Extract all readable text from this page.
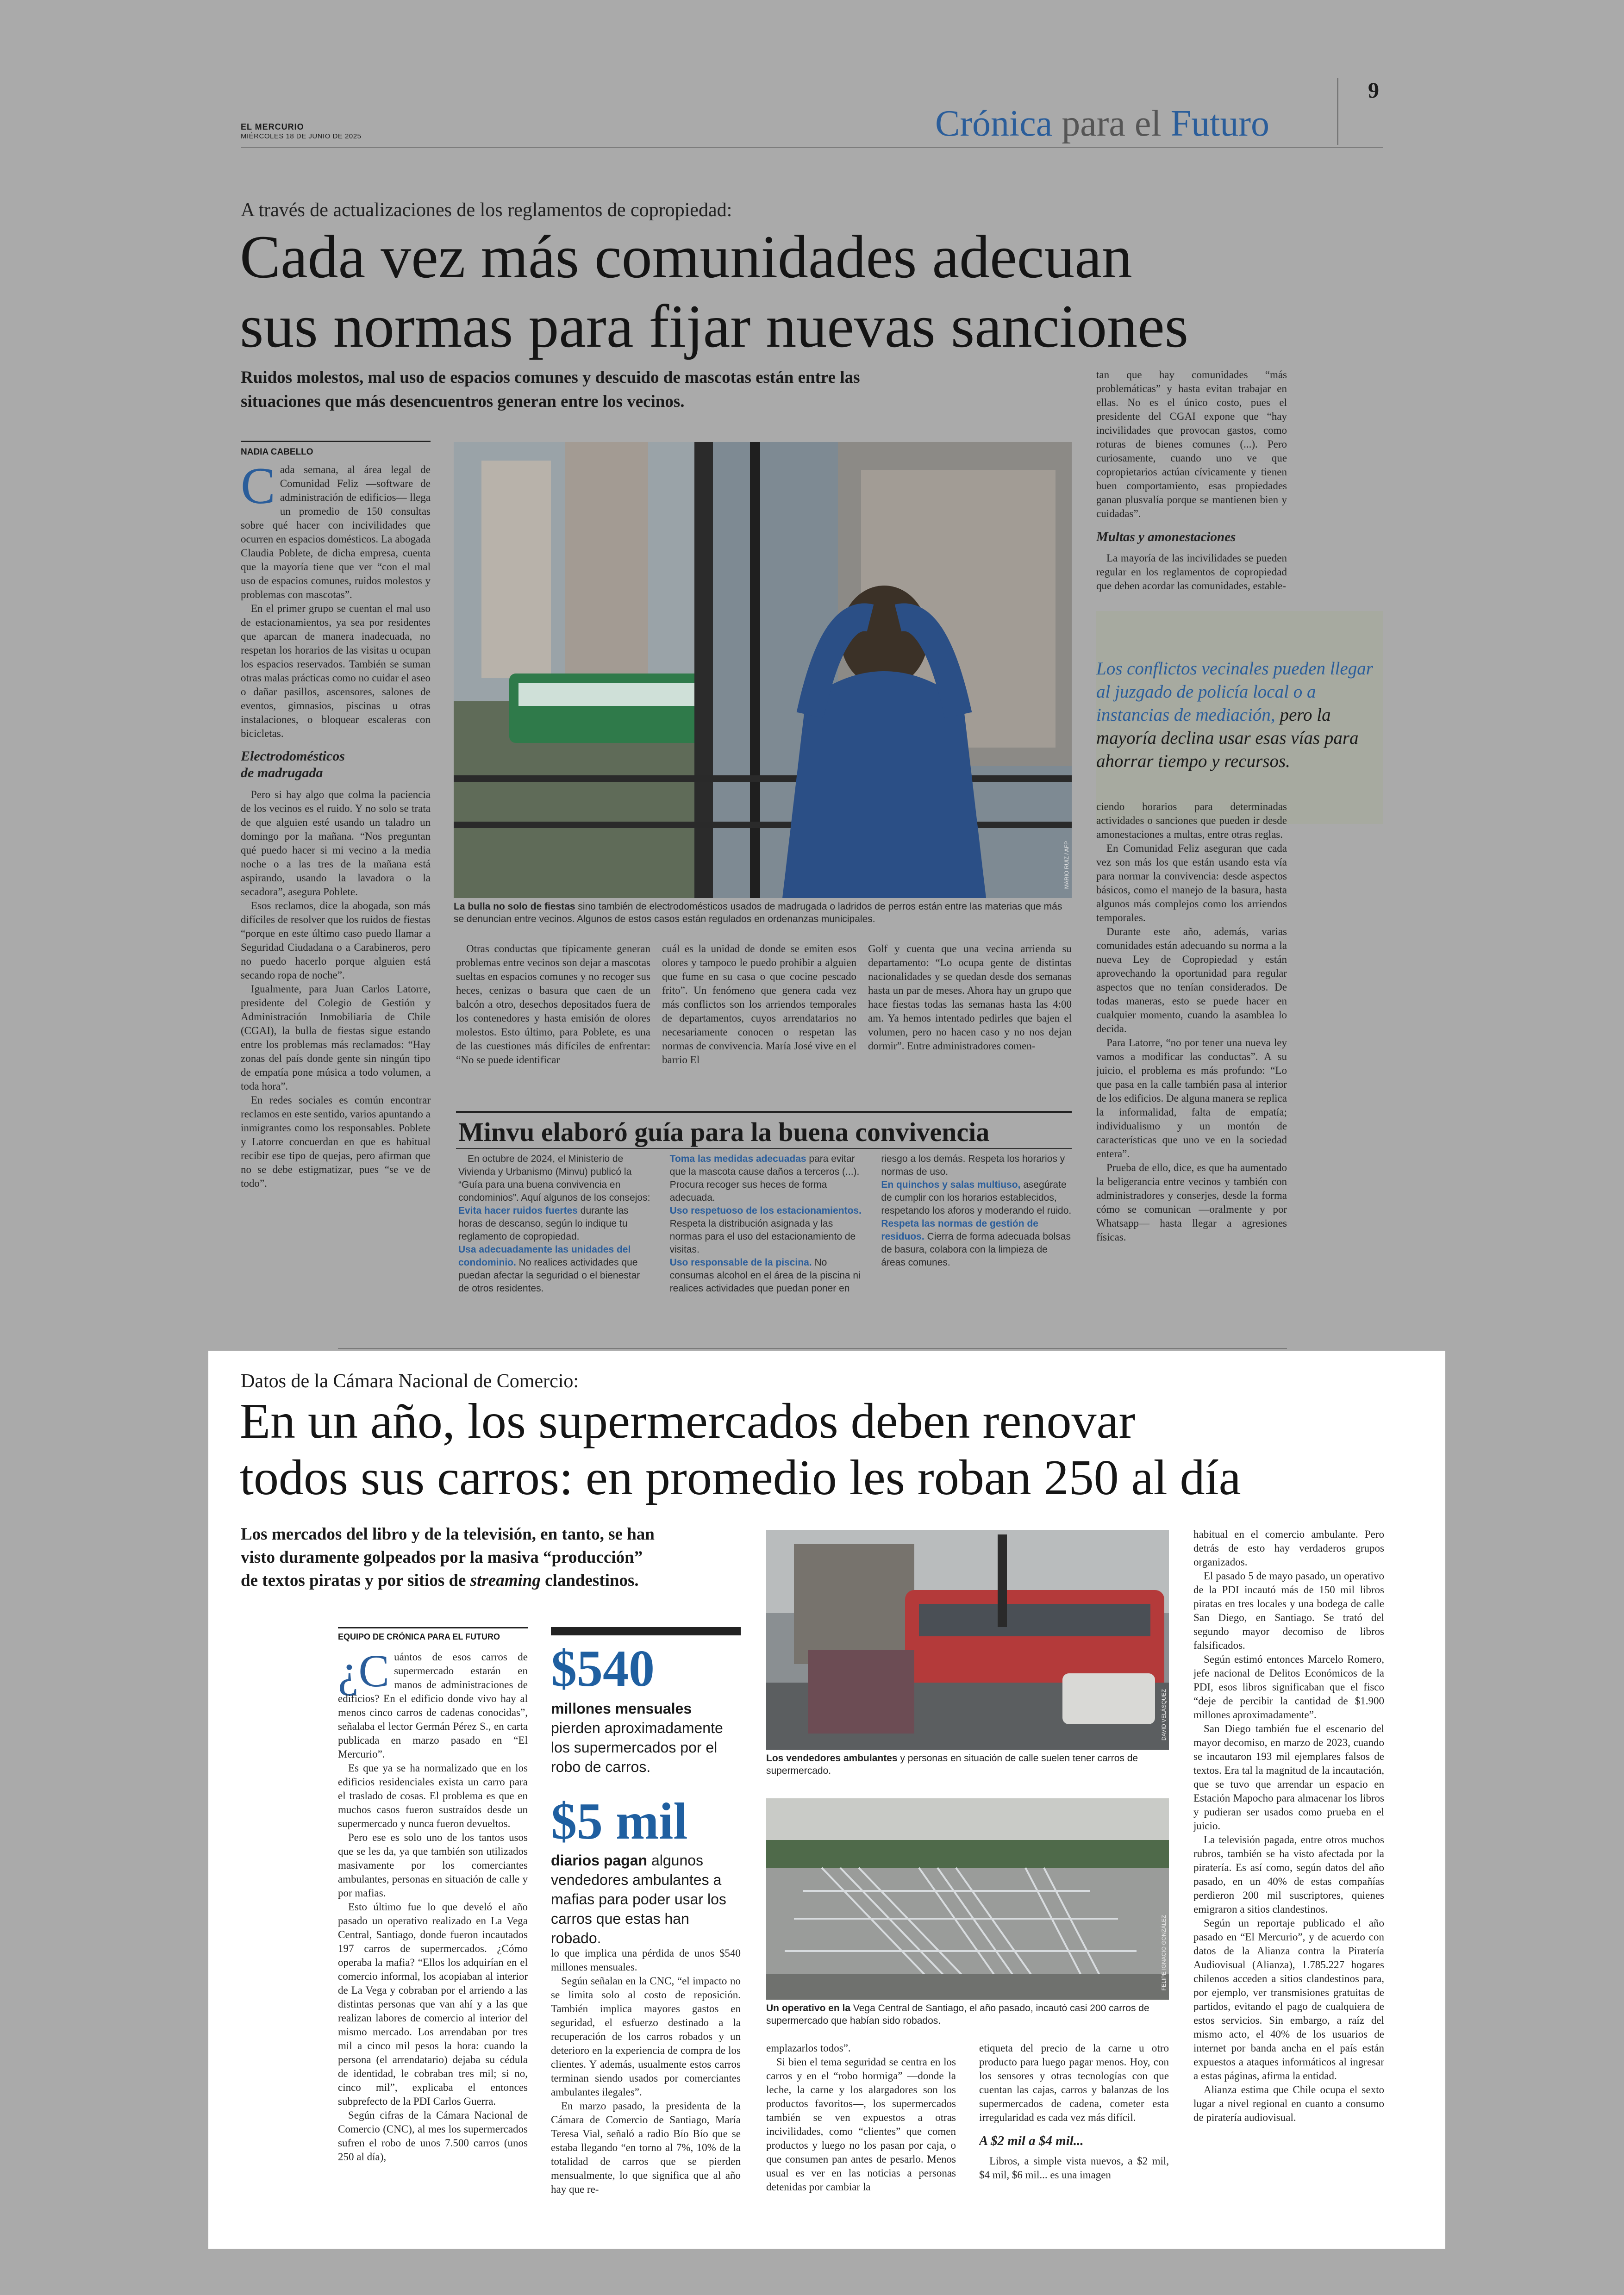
EL MERCURIO
MIÉRCOLES 18 DE JUNIO DE 2025	Crónica para el Futuro
9
A través de actualizaciones de los reglamentos de copropiedad:
Cada vez más comunidades adecuan
sus normas para fijar nuevas sanciones
Ruidos molestos, mal uso de espacios comunes y descuido de mascotas están entre las
situaciones que más desencuentros generan entre los vecinos.
NADIA CABELLO
C ada semana, al área legal de Comunidad Feliz —software de administración de edificios— llega un promedio de 150 consultas sobre qué hacer con incivilidades que ocurren en espacios domésticos. La abogada Claudia Poblete, de dicha empresa, cuenta que la mayoría tiene que ver “con el mal uso de espacios comunes, ruidos molestos y problemas con mascotas”.

En el primer grupo se cuentan el mal uso de estacionamientos, ya sea por residentes que aparcan de manera inadecuada, no respetan los horarios de las visitas u ocupan los espacios reservados. También se suman otras malas prácticas como no cuidar el aseo o dañar pasillos, ascensores, salones de eventos, gimnasios, piscinas u otras instalaciones, o bloquear escaleras con bicicletas.

Electrodomésticos
de madrugada

Pero si hay algo que colma la paciencia de los vecinos es el ruido. Y no solo se trata de que alguien esté usando un taladro un domingo por la mañana. “Nos preguntan qué puedo hacer si mi vecino a la media noche o a las tres de la mañana está aspirando, usando la lavadora o la secadora”, asegura Poblete.

Esos reclamos, dice la abogada, son más difíciles de resolver que los ruidos de fiestas “porque en este último caso puedo llamar a Seguridad Ciudadana o a Carabineros, pero no puedo hacerlo porque alguien está secando ropa de noche”.

Igualmente, para Juan Carlos Latorre, presidente del Colegio de Gestión y Administración Inmobiliaria de Chile (CGAI), la bulla de fiestas sigue estando entre los problemas más reclamados: “Hay zonas del país donde gente sin ningún tipo de empatía pone música a todo volumen, a toda hora”.

En redes sociales es común encontrar reclamos en este sentido, varios apuntando a inmigrantes como los responsables. Poblete y Latorre concuerdan en que es habitual recibir ese tipo de quejas, pero afirman que no se debe estigmatizar, pues “se ve de todo”.

MARIO RUIZ / AFP
La bulla no solo de fiestas sino también de electrodomésticos usados de madrugada o ladridos de perros están entre las materias que más se denuncian entre vecinos. Algunos de estos casos están regulados en ordenanzas municipales.

Otras conductas que típicamente generan problemas entre vecinos son dejar a mascotas sueltas en espacios comunes y no recoger sus heces, cenizas o basura que caen de un balcón a otro, desechos depositados fuera de los contenedores y hasta emisión de olores molestos. Esto último, para Poblete, es una de las cuestiones más difíciles de enfrentar: “No se puede identificar

cuál es la unidad de donde se emiten esos olores y tampoco le puedo prohibir a alguien que fume en su casa o que cocine pescado frito”. Un fenómeno que genera cada vez más conflictos son los arriendos temporales de departamentos, cuyos arrendatarios no necesariamente conocen o respetan las normas de convivencia. María José vive en el barrio El

Golf y cuenta que una vecina arrienda su departamento: “Lo ocupa gente de distintas nacionalidades y se quedan desde dos semanas hasta un par de meses. Ahora hay un grupo que hace fiestas todas las semanas hasta las 4:00 am. Ya hemos intentado pedirles que bajen el volumen, pero no hacen caso y no nos dejan dormir”. Entre administradores comen-

Minvu elaboró guía para la buena convivencia
En octubre de 2024, el Ministerio de Vivienda y Urbanismo (Minvu) publicó la “Guía para una buena convivencia en condominios”. Aquí algunos de los consejos:
Evita hacer ruidos fuertes durante las horas de descanso, según lo indique tu reglamento de copropiedad.
Usa adecuadamente las unidades del condominio. No realices actividades que puedan afectar la seguridad o el bienestar de otros residentes.
Toma las medidas adecuadas para evitar que la mascota cause daños a terceros (...). Procura recoger sus heces de forma adecuada.
Uso respetuoso de los estacionamientos. Respeta la distribución asignada y las normas para el uso del estacionamiento de visitas.
Uso responsable de la piscina. No consumas alcohol en el área de la piscina ni realices actividades que puedan poner en riesgo a los demás. Respeta los horarios y normas de uso.
En quinchos y salas multiuso, asegúrate de cumplir con los horarios establecidos, respetando los aforos y moderando el ruido.
Respeta las normas de gestión de residuos. Cierra de forma adecuada bolsas de basura, colabora con la limpieza de áreas comunes.

tan que hay comunidades “más problemáticas” y hasta evitan trabajar en ellas. No es el único costo, pues el presidente del CGAI expone que “hay incivilidades que provocan gastos, como roturas de bienes comunes (...). Pero curiosamente, cuando uno ve que copropietarios actúan cívicamente y tienen buen comportamiento, esas propiedades ganan plusvalía porque se mantienen bien y cuidadas”.

Multas y amonestaciones

La mayoría de las incivilidades se pueden regular en los reglamentos de copropiedad que deben acordar las comunidades, estable-

Los conflictos vecinales pueden llegar al juzgado de policía local o a instancias de mediación, pero la mayoría declina usar esas vías para ahorrar tiempo y recursos.

ciendo horarios para determinadas actividades o sanciones que pueden ir desde amonestaciones a multas, entre otras reglas.

En Comunidad Feliz aseguran que cada vez son más los que están usando esta vía para normar la convivencia: desde aspectos básicos, como el manejo de la basura, hasta algunos más complejos como los arriendos temporales.

Durante este año, además, varias comunidades están adecuando su norma a la nueva Ley de Copropiedad y están aprovechando la oportunidad para regular aspectos que no tenían considerados. De todas maneras, esto se puede hacer en cualquier momento, cuando la asamblea lo decida.

Para Latorre, “no por tener una nueva ley vamos a modificar las conductas”. A su juicio, el problema es más profundo: “Lo que pasa en la calle también pasa al interior de los edificios. De alguna manera se replica la informalidad, falta de empatía; individualismo y un montón de características que uno ve en la sociedad entera”.

Prueba de ello, dice, es que ha aumentado la beligerancia entre vecinos y también con administradores y conserjes, desde la forma cómo se comunican —oralmente y por Whatsapp— hasta llegar a agresiones físicas.

Datos de la Cámara Nacional de Comercio:
En un año, los supermercados deben renovar
todos sus carros: en promedio les roban 250 al día
Los mercados del libro y de la televisión, en tanto, se han
visto duramente golpeados por la masiva “producción”
de textos piratas y por sitios de streaming clandestinos.
EQUIPO DE CRÓNICA PARA EL FUTURO
¿C uántos de esos carros de supermercado estarán en manos de administraciones de edificios? En el edificio donde vivo hay al menos cinco carros de cadenas conocidas”, señalaba el lector Germán Pérez S., en carta publicada en marzo pasado en “El Mercurio”.

Es que ya se ha normalizado que en los edificios residenciales exista un carro para el traslado de cosas. El problema es que en muchos casos fueron sustraídos desde un supermercado y nunca fueron devueltos.

Pero ese es solo uno de los tantos usos que se les da, ya que también son utilizados masivamente por los comerciantes ambulantes, personas en situación de calle y por mafias.

Esto último fue lo que develó el año pasado un operativo realizado en La Vega Central, Santiago, donde fueron incautados 197 carros de supermercados. ¿Cómo operaba la mafia? “Ellos los adquirían en el comercio informal, los acopiaban al interior de La Vega y cobraban por el arriendo a las distintas personas que van ahí y a las que realizan labores de comercio al interior del mismo mercado. Los arrendaban por tres mil a cinco mil pesos la hora: cuando la persona (el arrendatario) dejaba su cédula de identidad, le cobraban tres mil; si no, cinco mil”, explicaba el entonces subprefecto de la PDI Carlos Guerra.

Según cifras de la Cámara Nacional de Comercio (CNC), al mes los supermercados sufren el robo de unos 7.500 carros (unos 250 al día),

$540
millones mensuales pierden aproximadamente los supermercados por el robo de carros.
$5 mil
diarios pagan algunos vendedores ambulantes a mafias para poder usar los carros que estas han robado.

lo que implica una pérdida de unos $540 millones mensuales.

Según señalan en la CNC, “el impacto no se limita solo al costo de reposición. También implica mayores gastos en seguridad, el esfuerzo destinado a la recuperación de los carros robados y un deterioro en la experiencia de compra de los clientes. Y además, usualmente estos carros terminan siendo usados por comerciantes ambulantes ilegales”.

En marzo pasado, la presidenta de la Cámara de Comercio de Santiago, María Teresa Vial, señaló a radio Bío Bío que se estaba llegando “en torno al 7%, 10% de la totalidad de carros que se pierden mensualmente, lo que significa que al año hay que re-

DAVID VELÁSQUEZ
Los vendedores ambulantes y personas en situación de calle suelen tener carros de supermercado.
FELIPE IGNACIO GONZÁLEZ
Un operativo en la Vega Central de Santiago, el año pasado, incautó casi 200 carros de supermercado que habían sido robados.

emplazarlos todos”.

Si bien el tema seguridad se centra en los carros y en el “robo hormiga” —donde la leche, la carne y los alargadores son los productos favoritos—, los supermercados también se ven expuestos a otras incivilidades, como “clientes” que comen productos y luego no los pasan por caja, o que consumen pan antes de pesarlo. Menos usual es ver en las noticias a personas detenidas por cambiar la

etiqueta del precio de la carne u otro producto para luego pagar menos. Hoy, con los sensores y otras tecnologías con que cuentan las cajas, carros y balanzas de los supermercados de cadena, cometer esta irregularidad es cada vez más difícil.

A $2 mil a $4 mil...

Libros, a simple vista nuevos, a $2 mil, $4 mil, $6 mil... es una imagen

habitual en el comercio ambulante. Pero detrás de esto hay verdaderos grupos organizados.

El pasado 5 de mayo pasado, un operativo de la PDI incautó más de 150 mil libros piratas en tres locales y una bodega de calle San Diego, en Santiago. Se trató del segundo mayor decomiso de libros falsificados.

Según estimó entonces Marcelo Romero, jefe nacional de Delitos Económicos de la PDI, esos libros significaban que el fisco “deje de percibir la cantidad de $1.900 millones aproximadamente”.

San Diego también fue el escenario del mayor decomiso, en marzo de 2023, cuando se incautaron 193 mil ejemplares falsos de textos. Era tal la magnitud de la incautación, que se tuvo que arrendar un espacio en Estación Mapocho para almacenar los libros y pudieran ser usados como prueba en el juicio.

La televisión pagada, entre otros muchos rubros, también se ha visto afectada por la piratería. Es así como, según datos del año pasado, en un 40% de estas compañías perdieron 200 mil suscriptores, quienes emigraron a sitios clandestinos.

Según un reportaje publicado el año pasado en “El Mercurio”, y de acuerdo con datos de la Alianza contra la Piratería Audiovisual (Alianza), 1.785.227 hogares chilenos acceden a sitios clandestinos para, por ejemplo, ver transmisiones gratuitas de partidos, evitando el pago de cualquiera de estos servicios. Sin embargo, a raíz del mismo acto, el 40% de los usuarios de internet por banda ancha en el país están expuestos a ataques informáticos al ingresar a estas páginas, afirma la entidad.

Alianza estima que Chile ocupa el sexto lugar a nivel regional en cuanto a consumo de piratería audiovisual.
